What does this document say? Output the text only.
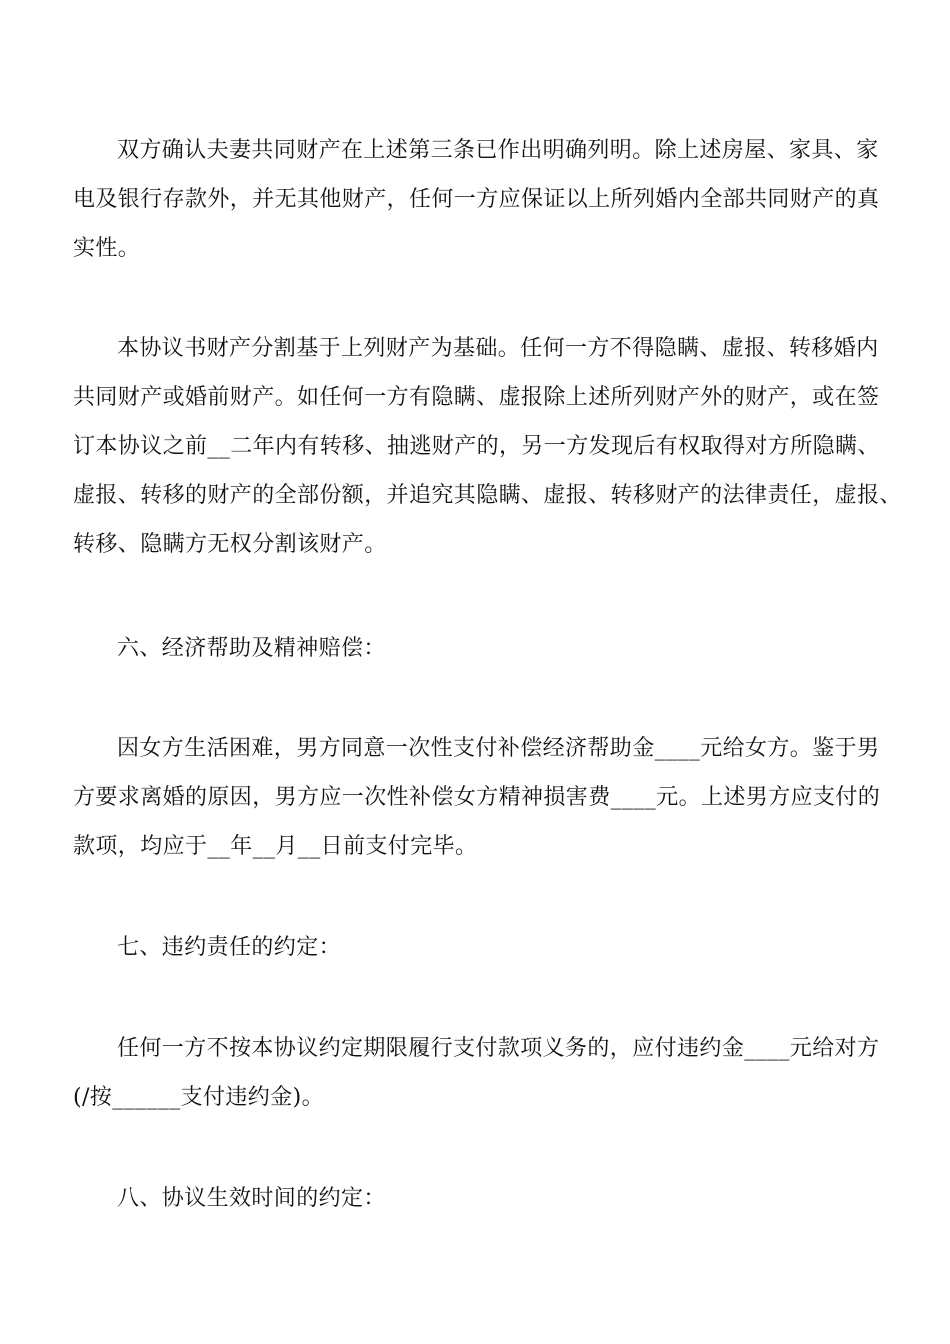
双方确认夫妻共同财产在上述第三条已作出明确列明。除上述房屋、家具、家
电及银行存款外，并无其他财产，任何一方应保证以上所列婚内全部共同财产的真
实性。

本协议书财产分割基于上列财产为基础。任何一方不得隐瞒、虚报、转移婚内
共同财产或婚前财产。如任何一方有隐瞒、虚报除上述所列财产外的财产，或在签
订本协议之前__二年内有转移、抽逃财产的，另一方发现后有权取得对方所隐瞒、
虚报、转移的财产的全部份额，并追究其隐瞒、虚报、转移财产的法律责任，虚报、
转移、隐瞒方无权分割该财产。

六、经济帮助及精神赔偿：

因女方生活困难，男方同意一次性支付补偿经济帮助金____元给女方。鉴于男
方要求离婚的原因，男方应一次性补偿女方精神损害费____元。上述男方应支付的
款项，均应于__年__月__日前支付完毕。

七、违约责任的约定：

任何一方不按本协议约定期限履行支付款项义务的，应付违约金____元给对方
(/按______支付违约金)。

八、协议生效时间的约定：
